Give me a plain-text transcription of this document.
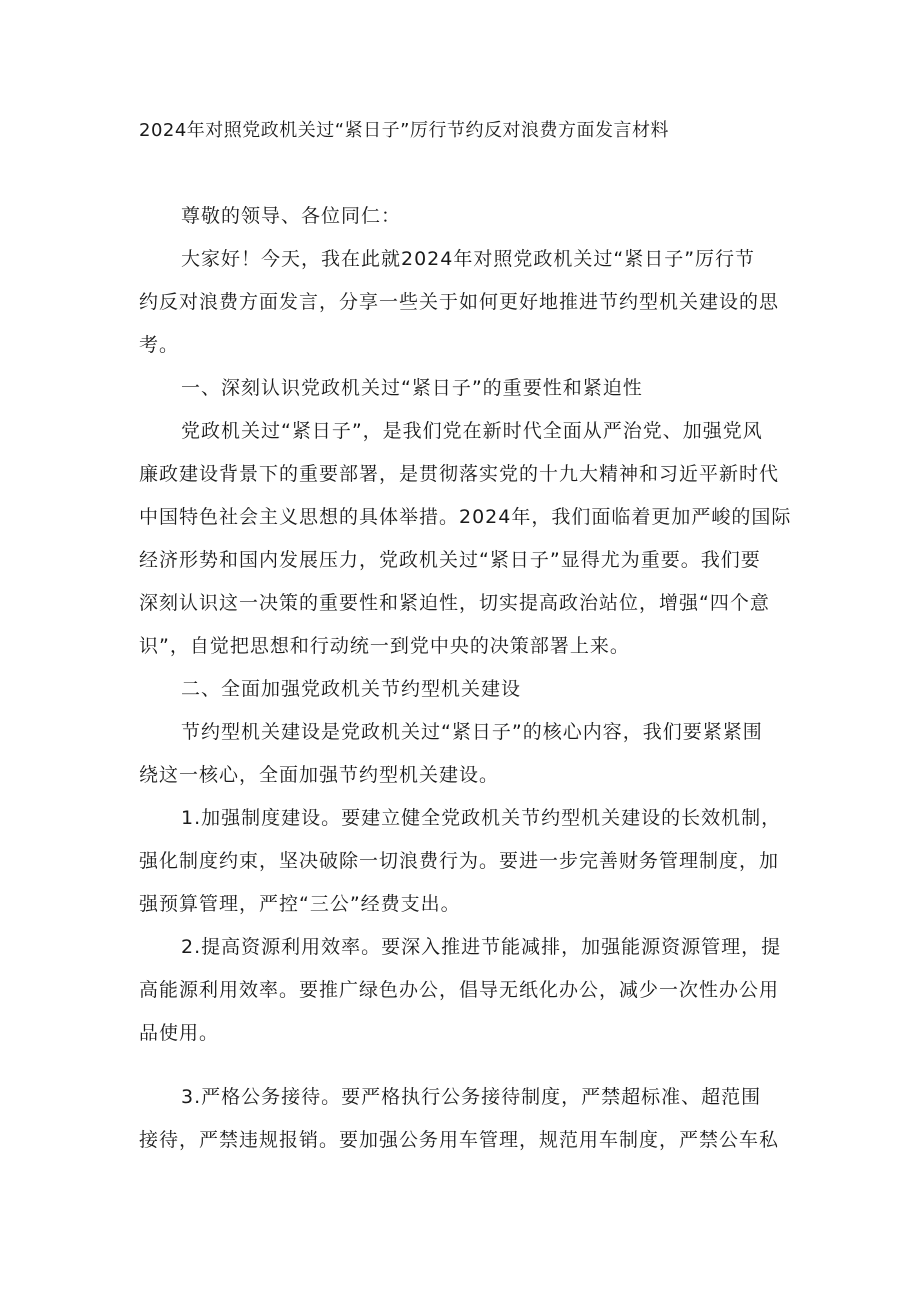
2024年对照党政机关过“紧日子”厉行节约反对浪费方面发言材料
尊敬的领导、各位同仁：
大家好！今天，我在此就2024年对照党政机关过“紧日子”厉行节
约反对浪费方面发言，分享一些关于如何更好地推进节约型机关建设的思
考。
一、深刻认识党政机关过“紧日子”的重要性和紧迫性
党政机关过“紧日子”，是我们党在新时代全面从严治党、加强党风
廉政建设背景下的重要部署，是贯彻落实党的十九大精神和习近平新时代
中国特色社会主义思想的具体举措。2024年，我们面临着更加严峻的国际
经济形势和国内发展压力，党政机关过“紧日子”显得尤为重要。我们要
深刻认识这一决策的重要性和紧迫性，切实提高政治站位，增强“四个意
识”，自觉把思想和行动统一到党中央的决策部署上来。
二、全面加强党政机关节约型机关建设
节约型机关建设是党政机关过“紧日子”的核心内容，我们要紧紧围
绕这一核心，全面加强节约型机关建设。
1.加强制度建设。要建立健全党政机关节约型机关建设的长效机制，
强化制度约束，坚决破除一切浪费行为。要进一步完善财务管理制度，加
强预算管理，严控“三公”经费支出。
2.提高资源利用效率。要深入推进节能减排，加强能源资源管理，提
高能源利用效率。要推广绿色办公，倡导无纸化办公，减少一次性办公用
品使用。
3.严格公务接待。要严格执行公务接待制度，严禁超标准、超范围
接待，严禁违规报销。要加强公务用车管理，规范用车制度，严禁公车私
